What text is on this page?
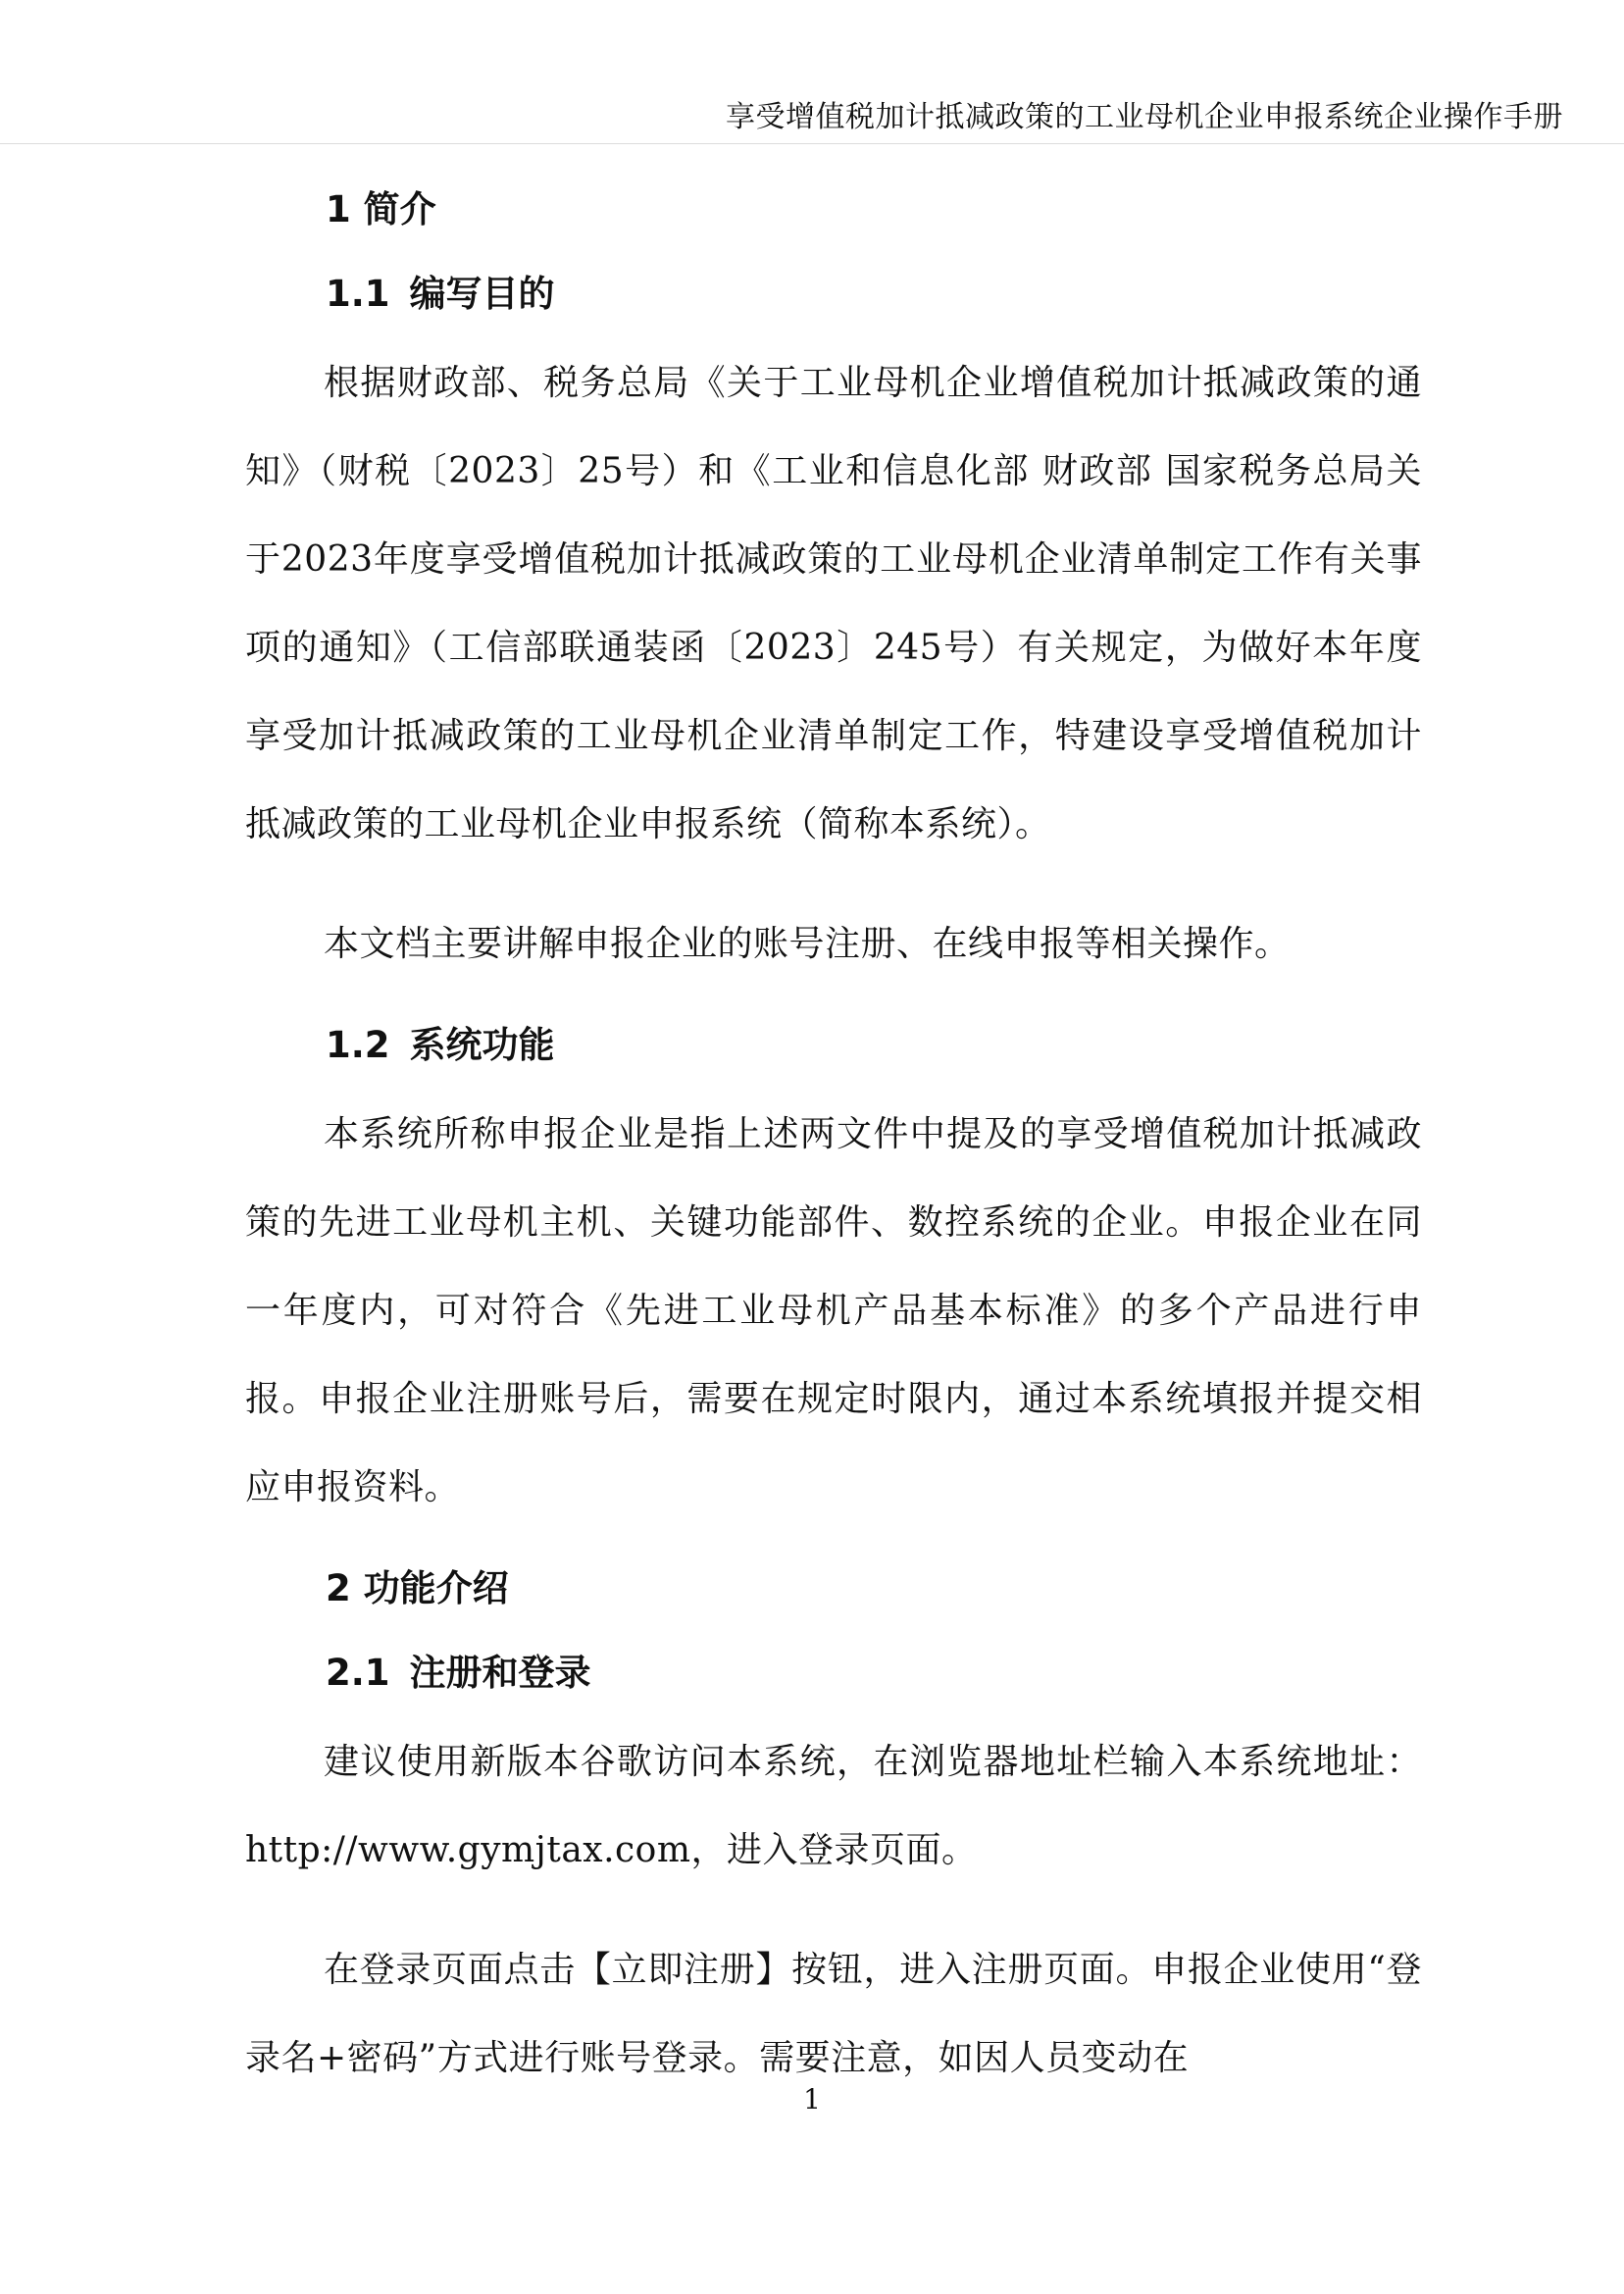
享受增值税加计抵减政策的工业母机企业申报系统企业操作手册
1 简介
1.1 编写目的

根据财政部、税务总局《关于工业母机企业增值税加计抵减政策的通知》（财税〔2023〕25号）和《工业和信息化部 财政部 国家税务总局关于2023年度享受增值税加计抵减政策的工业母机企业清单制定工作有关事项的通知》（工信部联通装函〔2023〕245号）有关规定，为做好本年度享受加计抵减政策的工业母机企业清单制定工作，特建设享受增值税加计抵减政策的工业母机企业申报系统（简称本系统）。

本文档主要讲解申报企业的账号注册、在线申报等相关操作。

1.2 系统功能

本系统所称申报企业是指上述两文件中提及的享受增值税加计抵减政策的先进工业母机主机、关键功能部件、数控系统的企业。申报企业在同一年度内，可对符合《先进工业母机产品基本标准》的多个产品进行申报。申报企业注册账号后，需要在规定时限内，通过本系统填报并提交相应申报资料。

2 功能介绍
2.1 注册和登录

建议使用新版本谷歌访问本系统，在浏览器地址栏输入本系统地址：http://www.gymjtax.com，进入登录页面。

在登录页面点击【立即注册】按钮，进入注册页面。申报企业使用“登录名+密码”方式进行账号登录。需要注意，如因人员变动在

1
